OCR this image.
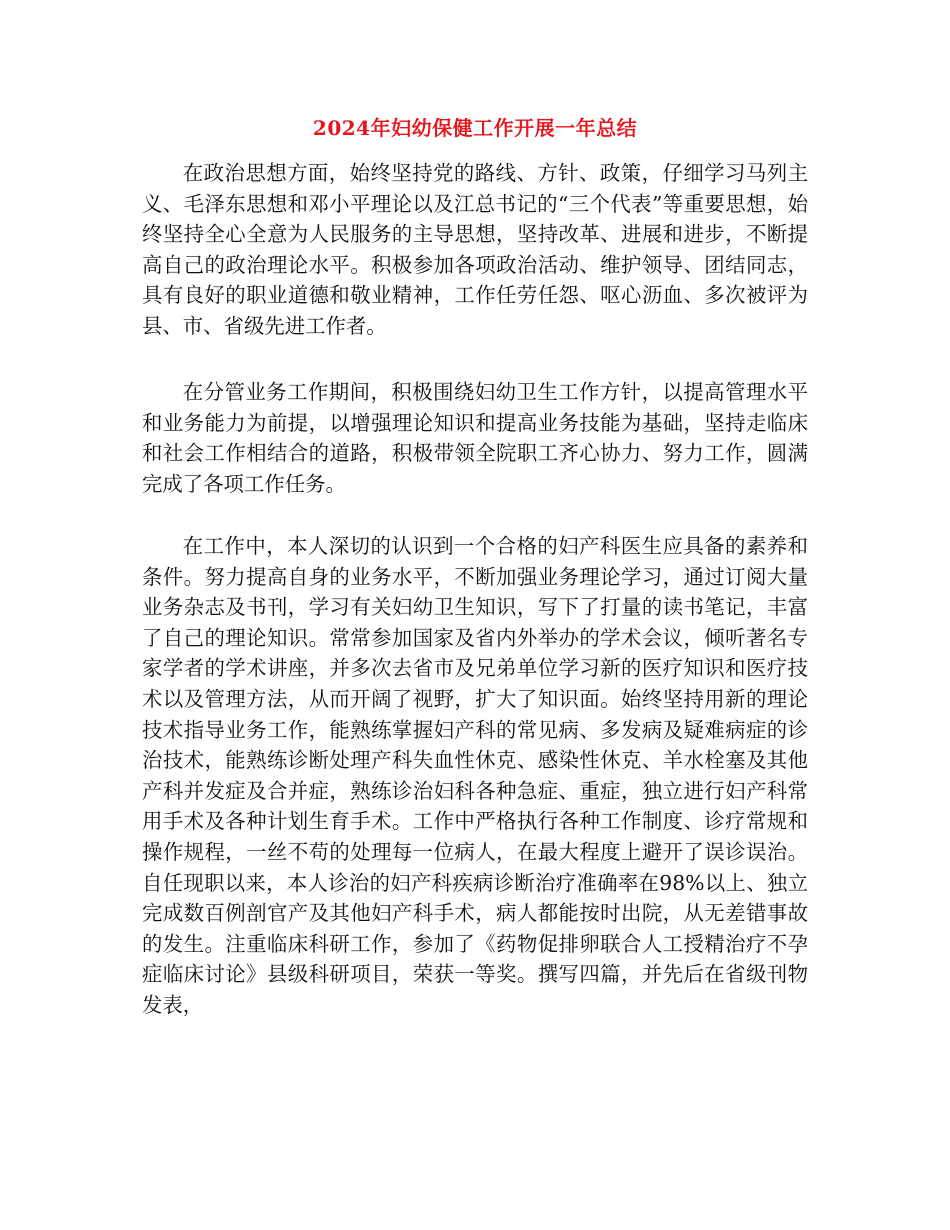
2024年妇幼保健工作开展一年总结

在政治思想方面，始终坚持党的路线、方针、政策，仔细学习马列主义、毛泽东思想和邓小平理论以及江总书记的“三个代表”等重要思想，始终坚持全心全意为人民服务的主导思想，坚持改革、进展和进步，不断提高自己的政治理论水平。积极参加各项政治活动、维护领导、团结同志，具有良好的职业道德和敬业精神，工作任劳任怨、呕心沥血、多次被评为县、市、省级先进工作者。

在分管业务工作期间，积极围绕妇幼卫生工作方针，以提高管理水平和业务能力为前提，以增强理论知识和提高业务技能为基础，坚持走临床和社会工作相结合的道路，积极带领全院职工齐心协力、努力工作，圆满完成了各项工作任务。

在工作中，本人深切的认识到一个合格的妇产科医生应具备的素养和条件。努力提高自身的业务水平，不断加强业务理论学习，通过订阅大量业务杂志及书刊，学习有关妇幼卫生知识，写下了打量的读书笔记，丰富了自己的理论知识。常常参加国家及省内外举办的学术会议，倾听著名专家学者的学术讲座，并多次去省市及兄弟单位学习新的医疗知识和医疗技术以及管理方法，从而开阔了视野，扩大了知识面。始终坚持用新的理论技术指导业务工作，能熟练掌握妇产科的常见病、多发病及疑难病症的诊治技术，能熟练诊断处理产科失血性休克、感染性休克、羊水栓塞及其他产科并发症及合并症，熟练诊治妇科各种急症、重症，独立进行妇产科常用手术及各种计划生育手术。工作中严格执行各种工作制度、诊疗常规和操作规程，一丝不苟的处理每一位病人，在最大程度上避开了误诊误治。自任现职以来，本人诊治的妇产科疾病诊断治疗准确率在98%以上、独立完成数百例剖官产及其他妇产科手术，病人都能按时出院，从无差错事故的发生。注重临床科研工作，参加了《药物促排卵联合人工授精治疗不孕症临床讨论》县级科研项目，荣获一等奖。撰写四篇，并先后在省级刊物发表，
